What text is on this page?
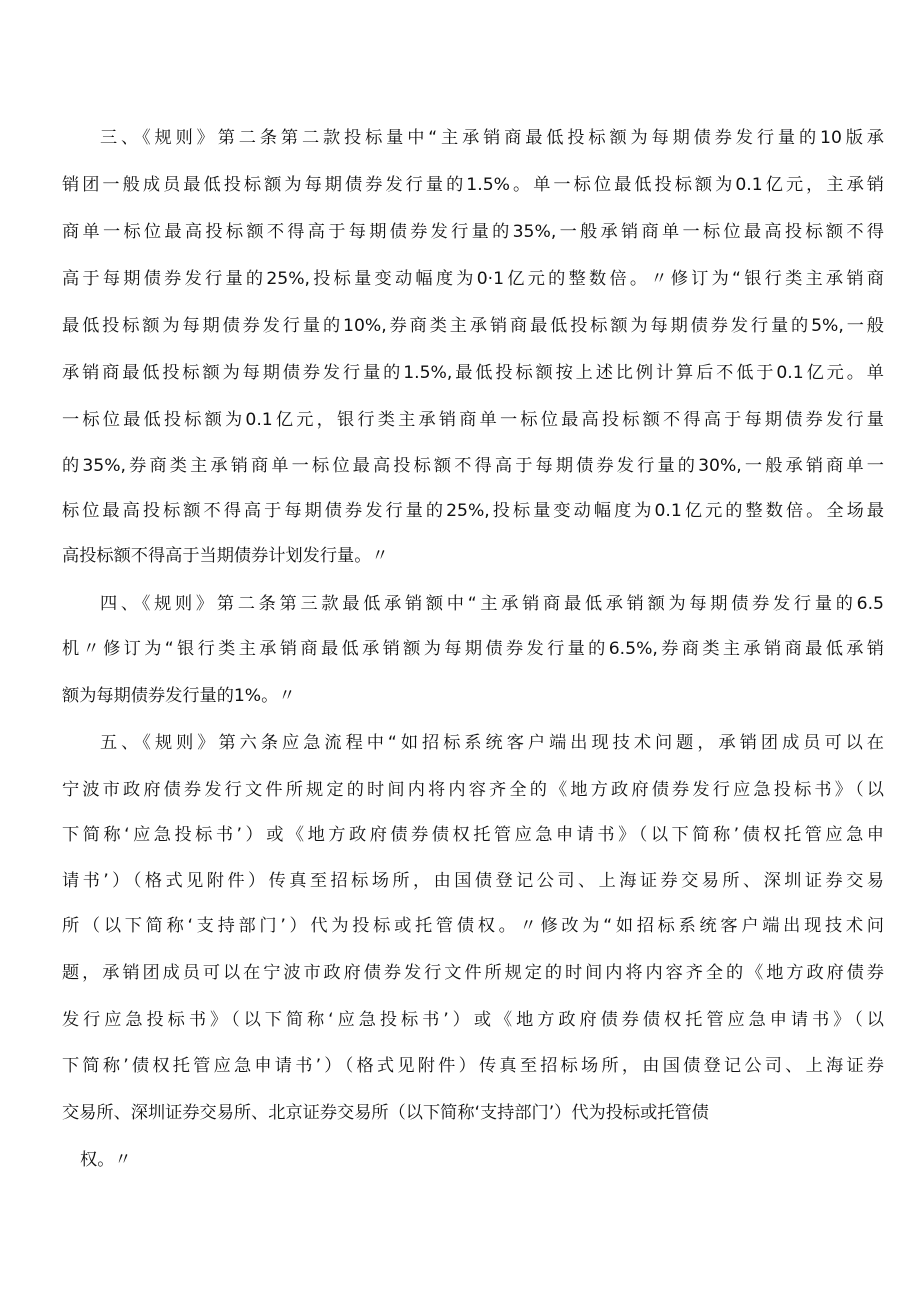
三、《规则》第二条第二款投标量中“主承销商最低投标额为每期债券发行量的10版承
销团一般成员最低投标额为每期债券发行量的1.5%。单一标位最低投标额为0.1亿元，主承销
商单一标位最高投标额不得高于每期债券发行量的35%,一般承销商单一标位最高投标额不得
高于每期债券发行量的25%,投标量变动幅度为0·1亿元的整数倍。〃修订为“银行类主承销商
最低投标额为每期债券发行量的10%,券商类主承销商最低投标额为每期债券发行量的5%,一般
承销商最低投标额为每期债券发行量的1.5%,最低投标额按上述比例计算后不低于0.1亿元。单
一标位最低投标额为0.1亿元，银行类主承销商单一标位最高投标额不得高于每期债券发行量
的35%,券商类主承销商单一标位最高投标额不得高于每期债券发行量的30%,一般承销商单一
标位最高投标额不得高于每期债券发行量的25%,投标量变动幅度为0.1亿元的整数倍。全场最
高投标额不得高于当期债券计划发行量。〃
四、《规则》第二条第三款最低承销额中“主承销商最低承销额为每期债券发行量的6.5
机〃修订为“银行类主承销商最低承销额为每期债券发行量的6.5%,券商类主承销商最低承销
额为每期债券发行量的1%。〃
五、《规则》第六条应急流程中“如招标系统客户端出现技术问题，承销团成员可以在
宁波市政府债券发行文件所规定的时间内将内容齐全的《地方政府债券发行应急投标书》（以
下简称‘应急投标书’）或《地方政府债券债权托管应急申请书》（以下简称’债权托管应急申
请书’）（格式见附件）传真至招标场所，由国债登记公司、上海证券交易所、深圳证券交易
所（以下简称‘支持部门’）代为投标或托管债权。〃修改为“如招标系统客户端出现技术问
题，承销团成员可以在宁波市政府债券发行文件所规定的时间内将内容齐全的《地方政府债券
发行应急投标书》（以下简称‘应急投标书’）或《地方政府债券债权托管应急申请书》（以
下简称’债权托管应急申请书’）（格式见附件）传真至招标场所，由国债登记公司、上海证券
交易所、深圳证券交易所、北京证券交易所（以下简称‘支持部门’）代为投标或托管债
权。〃
